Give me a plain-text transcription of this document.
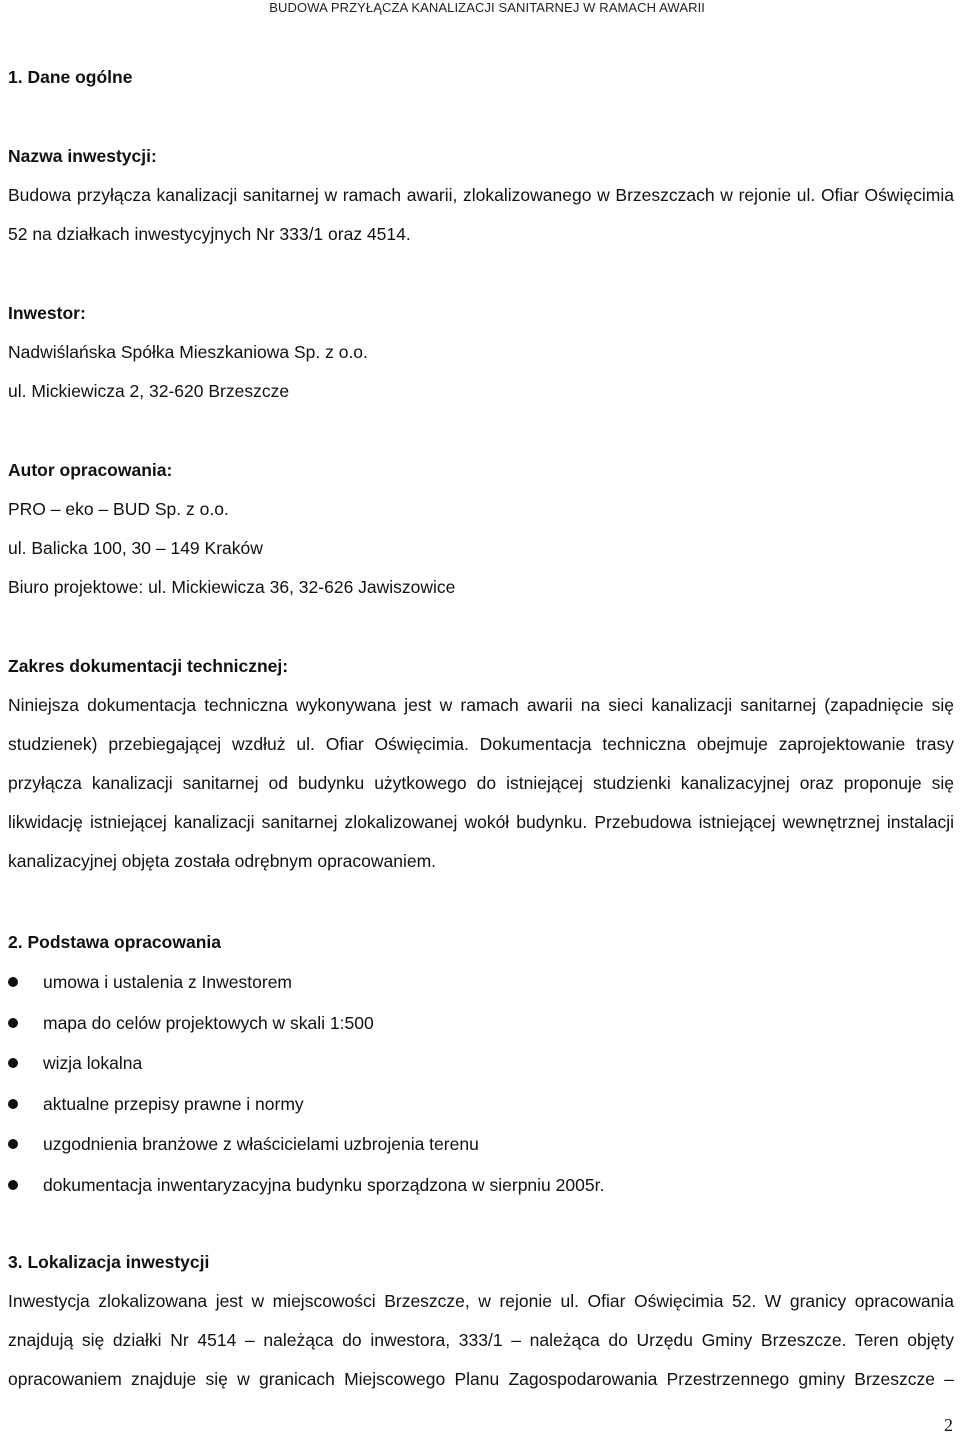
BUDOWA PRZYŁĄCZA KANALIZACJI SANITARNEJ W RAMACH AWARII

1. Dane ogólne

Nazwa inwestycji:

Budowa przyłącza kanalizacji sanitarnej w ramach awarii, zlokalizowanego w Brzeszczach w rejonie ul. Ofiar Oświęcimia 52 na działkach inwestycyjnych Nr 333/1 oraz 4514.

Inwestor:

Nadwiślańska Spółka Mieszkaniowa Sp. z o.o.

ul. Mickiewicza 2, 32-620 Brzeszcze

Autor opracowania:

PRO – eko – BUD Sp. z o.o.

ul. Balicka 100, 30 – 149 Kraków

Biuro projektowe: ul. Mickiewicza 36, 32-626 Jawiszowice

Zakres dokumentacji technicznej:

Niniejsza dokumentacja techniczna wykonywana jest w ramach awarii na sieci kanalizacji sanitarnej (zapadnięcie się studzienek) przebiegającej wzdłuż ul. Ofiar Oświęcimia. Dokumentacja techniczna obejmuje zaprojektowanie trasy przyłącza kanalizacji sanitarnej od budynku użytkowego do istniejącej studzienki kanalizacyjnej oraz proponuje się likwidację istniejącej kanalizacji sanitarnej zlokalizowanej wokół budynku. Przebudowa istniejącej wewnętrznej instalacji kanalizacyjnej objęta została odrębnym opracowaniem.

2. Podstawa opracowania

umowa i ustalenia z Inwestorem
mapa do celów projektowych w skali 1:500
wizja lokalna
aktualne przepisy prawne i normy
uzgodnienia branżowe z właścicielami uzbrojenia terenu
dokumentacja inwentaryzacyjna budynku sporządzona w sierpniu 2005r.

3. Lokalizacja inwestycji

Inwestycja zlokalizowana jest w miejscowości Brzeszcze, w rejonie ul. Ofiar Oświęcimia 52. W granicy opracowania znajdują się działki Nr 4514 – należąca do inwestora, 333/1 – należąca do Urzędu Gminy Brzeszcze. Teren objęty opracowaniem znajduje się w granicach Miejscowego Planu Zagospodarowania Przestrzennego gminy Brzeszcze –

2
